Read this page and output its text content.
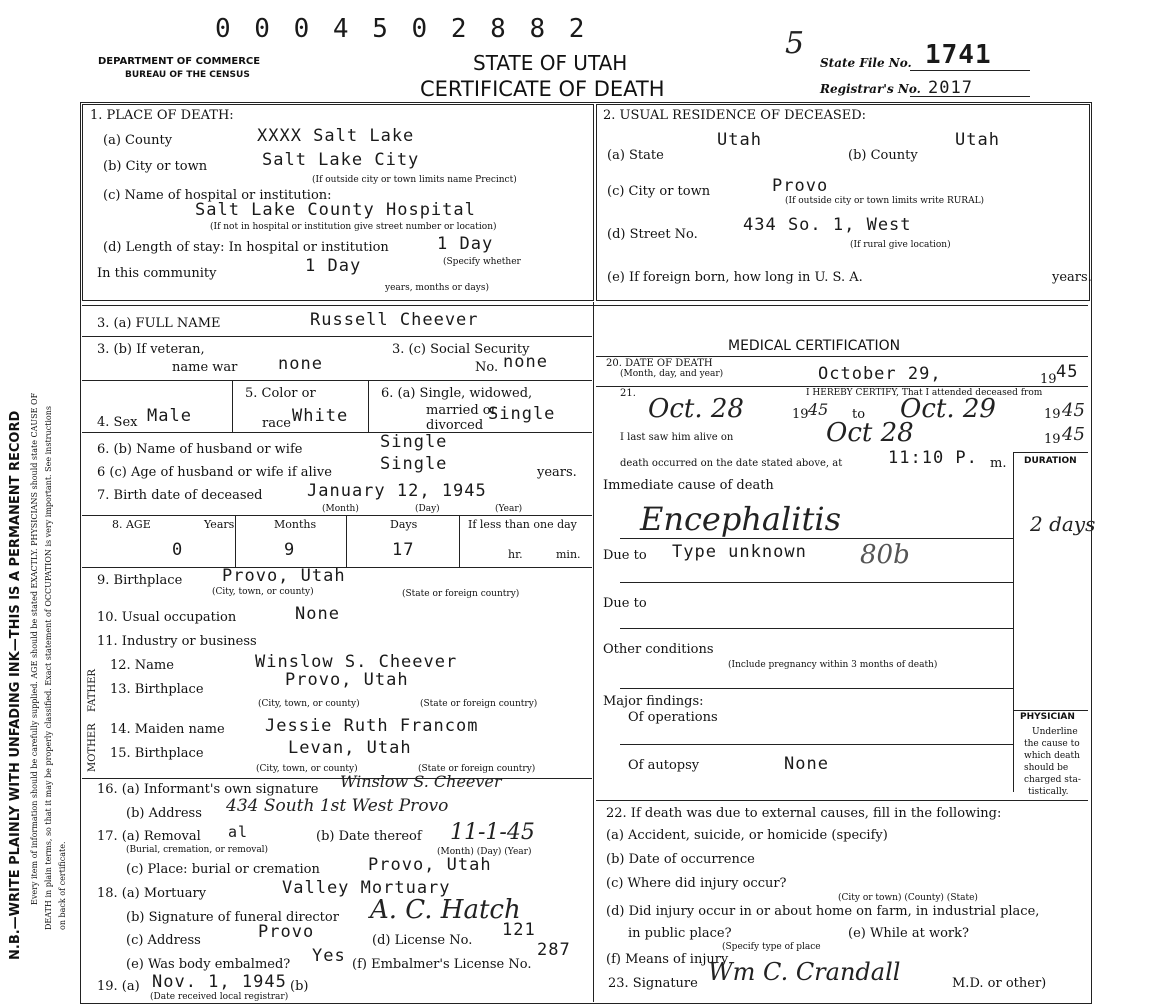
0 0 0 4 5 0 2 8 8 2	5
DEPARTMENT OF COMMERCE
BUREAU OF THE CENSUS	STATE OF UTAH
CERTIFICATE OF DEATH
State File No. 1741
Registrar's No. 2017
N.B.—WRITE PLAINLY WITH UNFADING INK—THIS IS A PERMANENT RECORD Every item of information should be carefully supplied. AGE should be stated EXACTLY. PHYSICIANS should state CAUSE OF DEATH in plain terms, so that it may be properly classified. Exact statement of OCCUPATION is very important. See instructions on back of certificate.
1. PLACE OF DEATH:
(a) County	XXXX Salt Lake
(b) City or town	Salt Lake City
(If outside city or town limits name Precinct)
(c) Name of hospital or institution:
Salt Lake County Hospital
(If not in hospital or institution give street number or location)
(d) Length of stay: In hospital or institution	1 Day
In this community	1 Day	(Specify whether
years, months or days)
2. USUAL RESIDENCE OF DECEASED:
(a) State
Utah
(b) County
Utah
(c) City or town	Provo
(If outside city or town limits write RURAL)
(d) Street No.	434 So. 1, West
(If rural give location)
(e) If foreign born, how long in U. S. A.	years.
3. (a) FULL NAME	Russell Cheever
3. (b) If veteran,
name war none
3. (c) Social Security
No. none
4. Sex Male
5. Color or
race White
6. (a) Single, widowed,
married or
divorced
Single
6. (b) Name of husband or wife	Single
6 (c) Age of husband or wife if alive	Single	years.
7. Birth date of deceased	January 12, 1945
(Month)	(Day)	(Year)
8. AGE	Years	Months	Days	If less than one day
0	9	17	hr.	min.
9. Birthplace Provo, Utah
(City, town, or county)	(State or foreign country)
10. Usual occupation	None
11. Industry or business
FATHER
MOTHER
12. Name	Winslow S. Cheever
13. Birthplace	Provo, Utah
(City, town, or county)	(State or foreign country)
14. Maiden name Jessie Ruth Francom
15. Birthplace	Levan, Utah
(City, town, or county)	(State or foreign country)
16. (a) Informant's own signature Winslow S. Cheever
(b) Address 434 South 1st West Provo
17. (a) Removal al
(Burial, cremation, or removal)
(b) Date thereof 11-1-45
(Month) (Day) (Year)
(c) Place: burial or cremation	Provo, Utah
18. (a) Mortuary	Valley Mortuary
(b) Signature of funeral director A. C. Hatch
(c) Address	Provo	(d) License No.
121
(e) Was body embalmed? Yes (f) Embalmer's License No.
287
19. (a) Nov. 1, 1945
(Date received local registrar)
(b)
MEDICAL CERTIFICATION
20. DATE OF DEATH
(Month, day, and year)	October 29,	19 45
21.	I HEREBY CERTIFY, That I attended deceased from
Oct. 28	19 45 to Oct. 29	19 45
I last saw him alive on	Oct 28	19 45
death occurred on the date stated above, at	11:10 P. m. DURATION
Immediate cause of death
Encephalitis	2 days
Due to Type unknown 80b
Due to
Other conditions
(Include pregnancy within 3 months of death)
Major findings:
Of operations
Of autopsy	None
PHYSICIAN
Underline
the cause to
which death
should be
charged sta-
tistically.
22. If death was due to external causes, fill in the following:
(a) Accident, suicide, or homicide (specify)
(b) Date of occurrence
(c) Where did injury occur?
(City or town) (County) (State)
(d) Did injury occur in or about home on farm, in industrial place,
in public place?
(Specify type of place
(e) While at work?
(f) Means of injury
23. Signature Wm C. Crandall	M.D. or other)
